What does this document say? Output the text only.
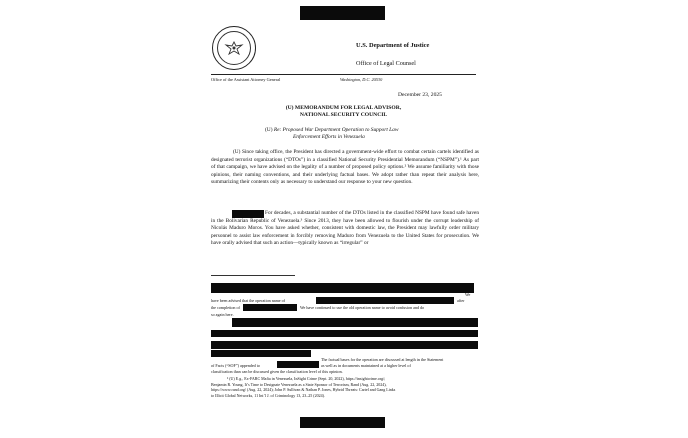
U.S. Department of Justice
Office of Legal Counsel
Office of the Assistant Attorney General	Washington, D.C. 20530
December 23, 2025
(U) MEMORANDUM FOR LEGAL ADVISOR,
NATIONAL SECURITY COUNCIL
(U) Re: Proposed War Department Operation to Support Law
Enforcement Efforts in Venezuela

(U) Since taking office, the President has directed a government-wide effort to combat certain cartels identified as designated terrorist organizations (“DTOs”) in a classified National Security Presidential Memorandum (“NSPM”).¹ As part of that campaign, we have advised on the legality of a number of proposed policy options.² We assume familiarity with those opinions, their naming conventions, and their underlying factual bases. We adopt rather than repeat their analysis here, summarizing their contents only as necessary to understand our response to your new question.

For decades, a substantial number of the DTOs listed in the classified NSPM have found safe haven in the Bolivarian Republic of Venezuela.³ Since 2013, they have been allowed to flourish under the corrupt leadership of Nicolás Maduro Moros. You have asked whether, consistent with domestic law, the President may lawfully order military personnel to assist law enforcement in forcibly removing Maduro from Venezuela to the United States for prosecution. We have orally advised that such an action—typically known as “irregular” or

We
have been advised that the operation name of	after
the completion of	We have continued to use the old operation name to avoid confusion and do
so again here.
The factual bases for the operation are discussed at length in the Statement
of Facts (“SOF”) appended to	as well as in documents maintained at a higher level of
classification than can be discussed given the classification level of this opinion.
³ (U) E.g., Ex-FARC Mafia in Venezuela, InSight Crime (Sept. 20, 2022), https://insightcrime.org/;
Benjamin R. Young, It’s Time to Designate Venezuela as a State Sponsor of Terrorism, Rand (Aug. 22, 2024),
https://www.rand.org/ (Aug. 22, 2024); John P. Sullivan & Nathan P. Jones, Hybrid Threats: Cartel and Gang Links
to Illicit Global Networks, 11 Int’l J. of Criminology 13, 23–25 (2024).
